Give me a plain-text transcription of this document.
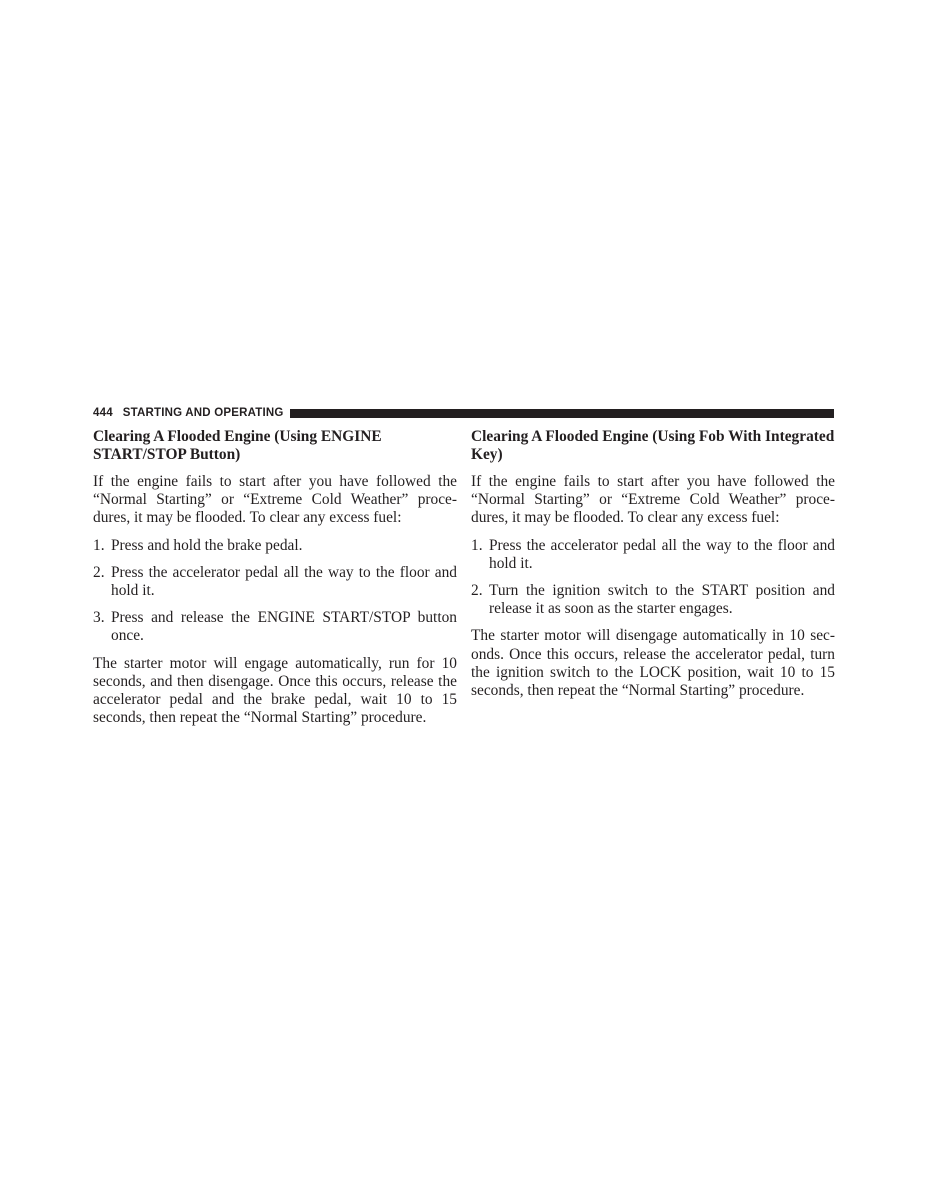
444 STARTING AND OPERATING
Clearing A Flooded Engine (Using ENGINE START/STOP Button)

If the engine fails to start after you have followed the “Normal Starting” or “Extreme Cold Weather” proce-dures, it may be flooded. To clear any excess fuel:

1. Press and hold the brake pedal.
2. Press the accelerator pedal all the way to the floor and hold it.
3. Press and release the ENGINE START/STOP button once.

The starter motor will engage automatically, run for 10 seconds, and then disengage. Once this occurs, release the accelerator pedal and the brake pedal, wait 10 to 15 seconds, then repeat the “Normal Starting” procedure.

Clearing A Flooded Engine (Using Fob With Integrated Key)

If the engine fails to start after you have followed the “Normal Starting” or “Extreme Cold Weather” proce-dures, it may be flooded. To clear any excess fuel:

1. Press the accelerator pedal all the way to the floor and hold it.
2. Turn the ignition switch to the START position and release it as soon as the starter engages.

The starter motor will disengage automatically in 10 sec-onds. Once this occurs, release the accelerator pedal, turn the ignition switch to the LOCK position, wait 10 to 15 seconds, then repeat the “Normal Starting” procedure.
